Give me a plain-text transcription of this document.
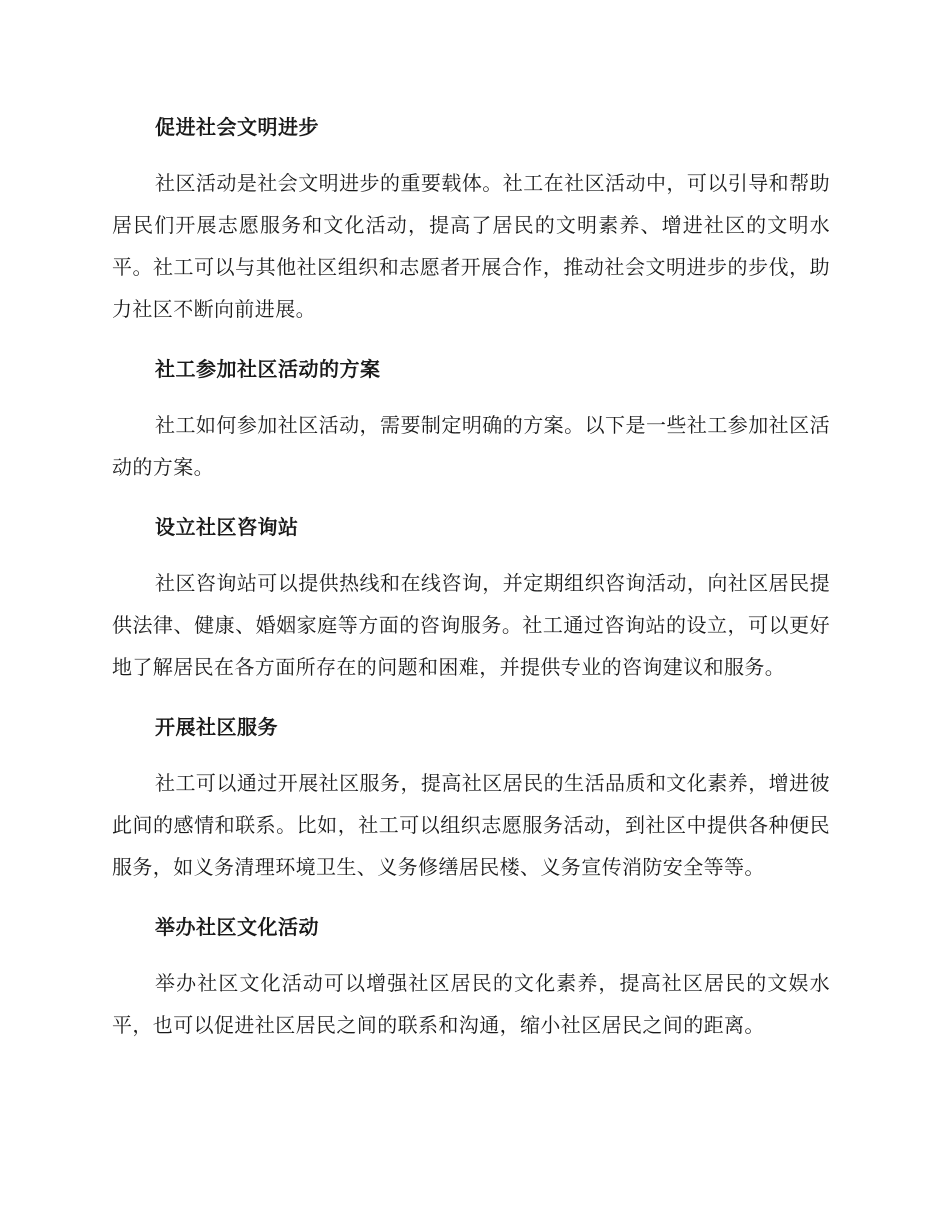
促进社会文明进步

社区活动是社会文明进步的重要载体。社工在社区活动中，可以引导和帮助居民们开展志愿服务和文化活动，提高了居民的文明素养、增进社区的文明水平。社工可以与其他社区组织和志愿者开展合作，推动社会文明进步的步伐，助力社区不断向前进展。

社工参加社区活动的方案

社工如何参加社区活动，需要制定明确的方案。以下是一些社工参加社区活动的方案。

设立社区咨询站

社区咨询站可以提供热线和在线咨询，并定期组织咨询活动，向社区居民提供法律、健康、婚姻家庭等方面的咨询服务。社工通过咨询站的设立，可以更好地了解居民在各方面所存在的问题和困难，并提供专业的咨询建议和服务。

开展社区服务

社工可以通过开展社区服务，提高社区居民的生活品质和文化素养，增进彼此间的感情和联系。比如，社工可以组织志愿服务活动，到社区中提供各种便民服务，如义务清理环境卫生、义务修缮居民楼、义务宣传消防安全等等。

举办社区文化活动

举办社区文化活动可以增强社区居民的文化素养，提高社区居民的文娱水平，也可以促进社区居民之间的联系和沟通，缩小社区居民之间的距离。
